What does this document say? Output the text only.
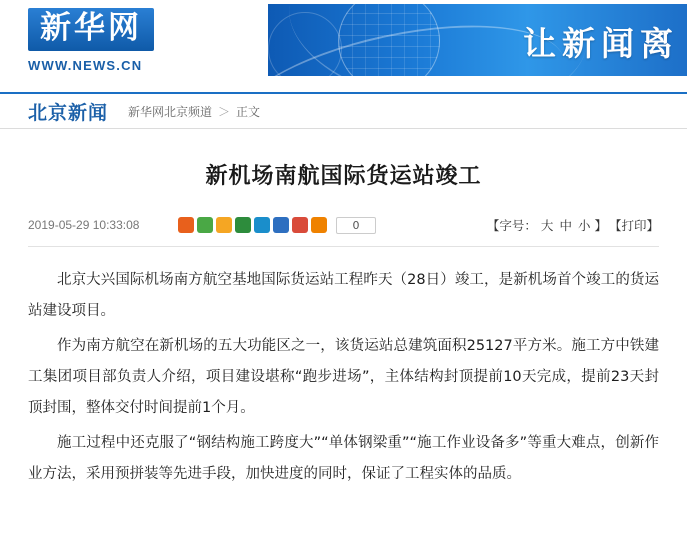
新华网
WWW.NEWS.CN
让新闻离
北京新闻 新华网北京频道 ＞ 正文
新机场南航国际货运站竣工
2019-05-29 10:33:08	0	【字号： 大 中 小 】 【打印】

北京大兴国际机场南方航空基地国际货运站工程昨天（28日）竣工，是新机场首个竣工的货运站建设项目。

作为南方航空在新机场的五大功能区之一，该货运站总建筑面积25127平方米。施工方中铁建工集团项目部负责人介绍，项目建设堪称“跑步进场”，主体结构封顶提前10天完成，提前23天封顶封围，整体交付时间提前1个月。

施工过程中还克服了“钢结构施工跨度大”“单体钢梁重”“施工作业设备多”等重大难点，创新作业方法，采用预拼装等先进手段，加快进度的同时，保证了工程实体的品质。
